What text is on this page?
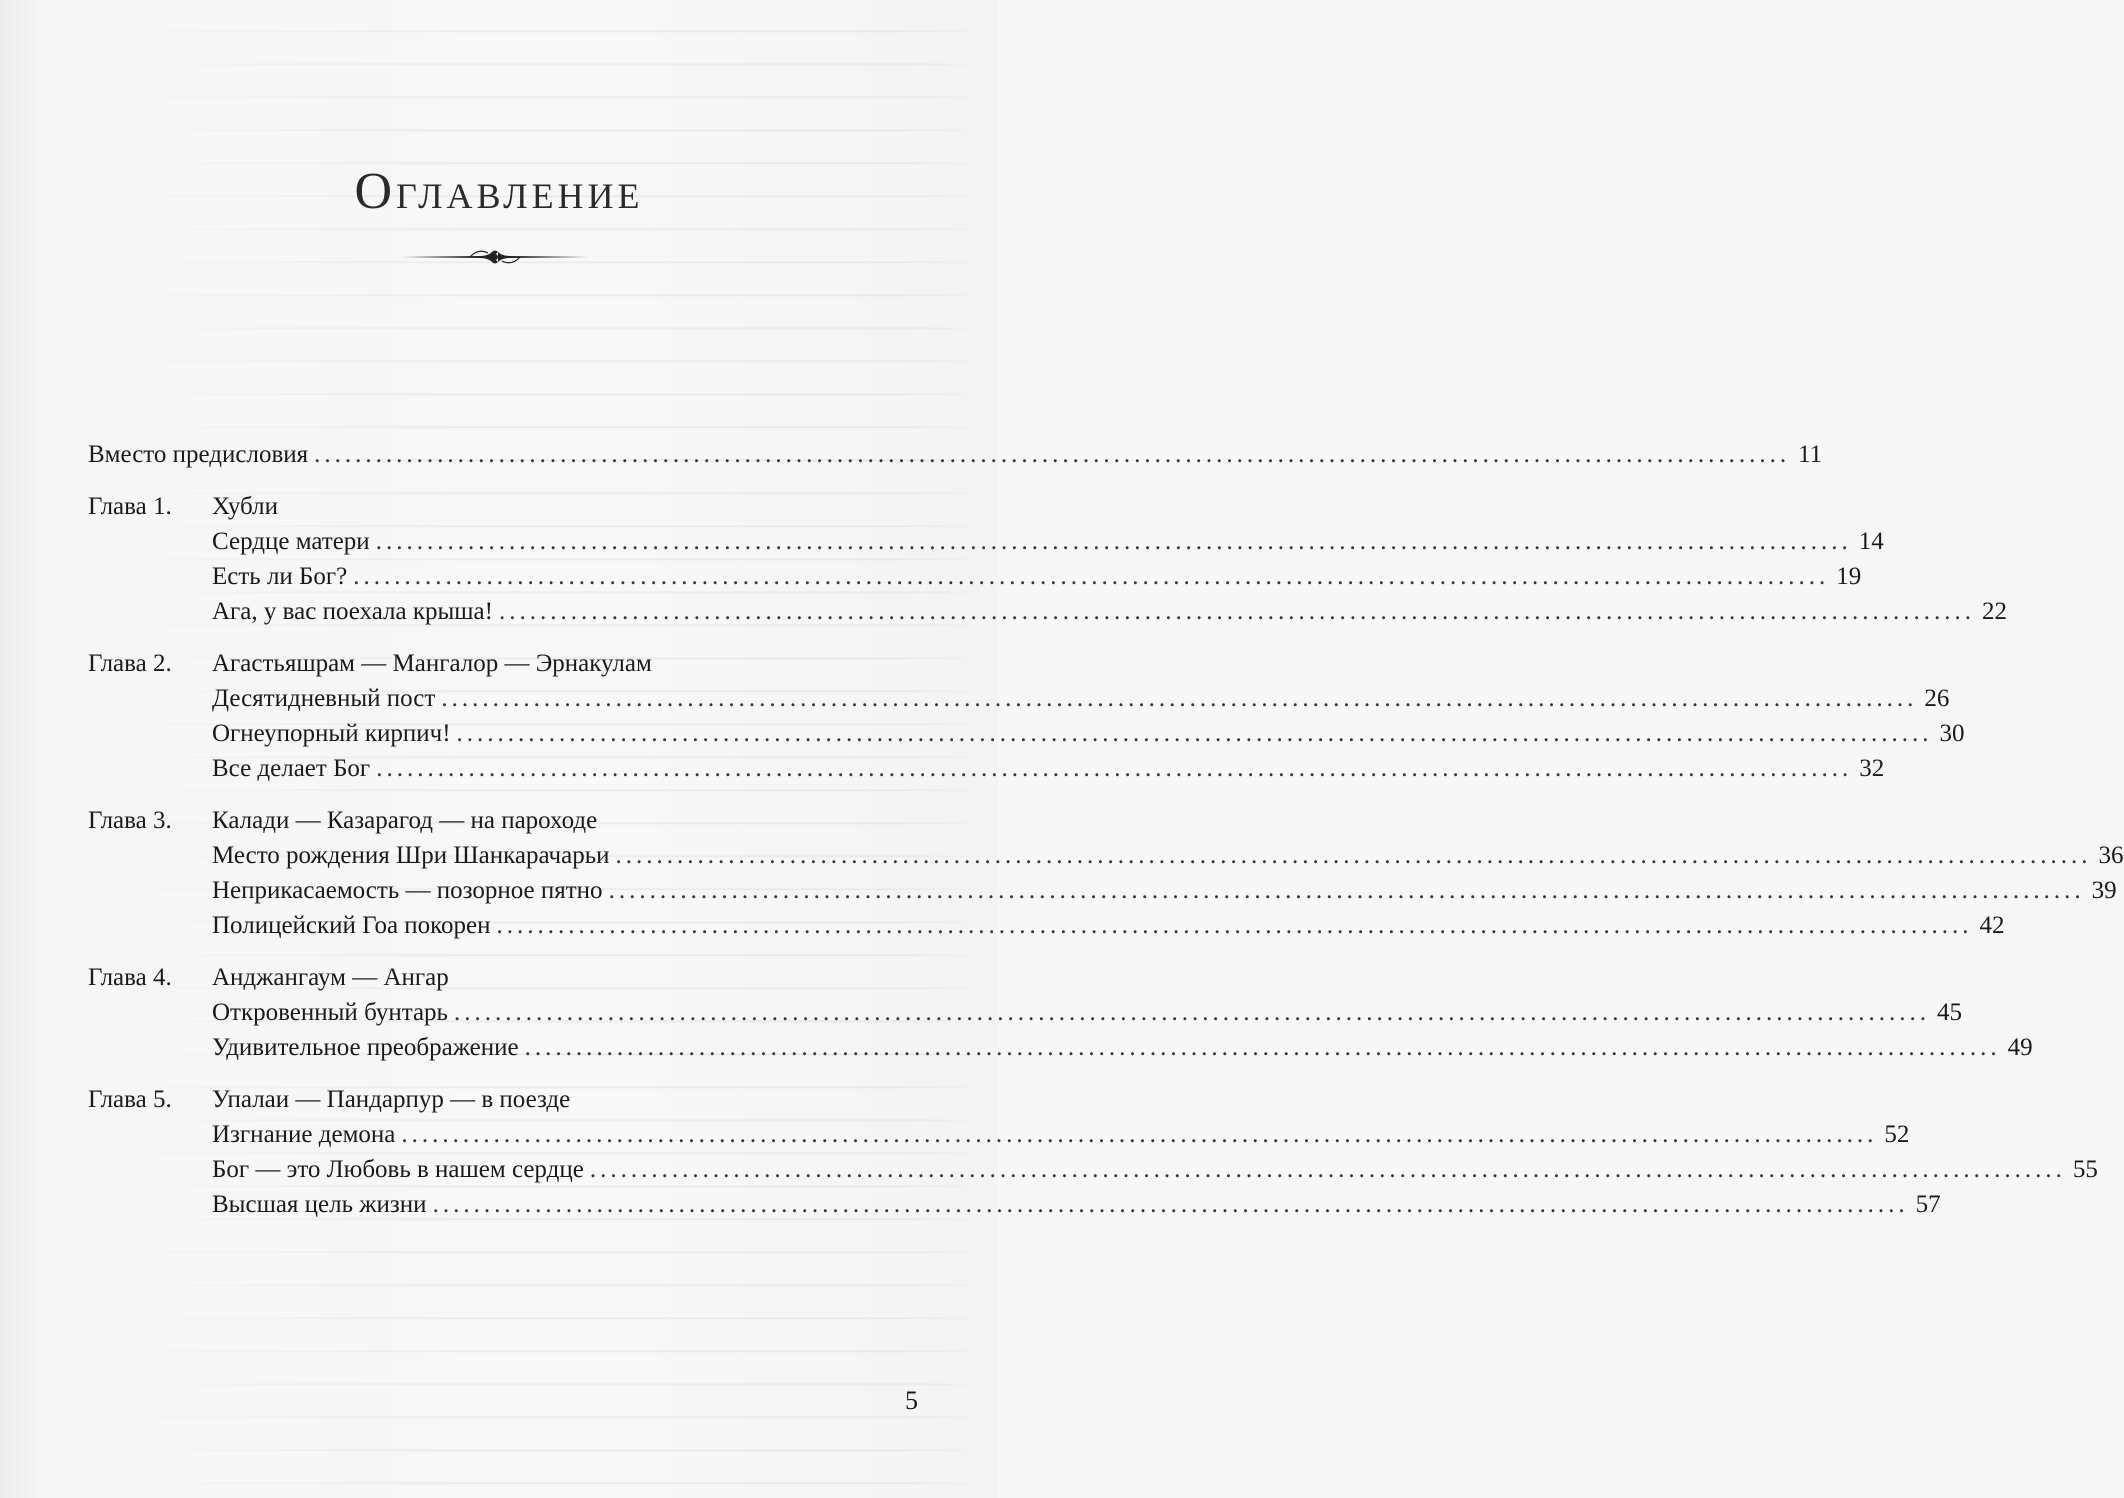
Оглавление
Вместо предисловия ................................................................................................................................................ 11
Глава 1.	Хубли
Сердце матери ................................................................................................................................................ 14
Есть ли Бог? ................................................................................................................................................ 19
Ага, у вас поехала крыша! ................................................................................................................................................ 22
Глава 2.	Агастьяшрам — Мангалор — Эрнакулам
Десятидневный пост ................................................................................................................................................ 26
Огнеупорный кирпич! ................................................................................................................................................ 30
Все делает Бог ................................................................................................................................................ 32
Глава 3.	Калади — Казарагод — на пароходе
Место рождения Шри Шанкарачарьи ................................................................................................................................................ 36
Неприкасаемость — позорное пятно ................................................................................................................................................ 39
Полицейский Гоа покорен ................................................................................................................................................ 42
Глава 4.	Анджангаум — Ангар
Откровенный бунтарь ................................................................................................................................................ 45
Удивительное преображение ................................................................................................................................................ 49
Глава 5.	Упалаи — Пандарпур — в поезде
Изгнание демона ................................................................................................................................................ 52
Бог — это Любовь в нашем сердце ................................................................................................................................................ 55
Высшая цель жизни ................................................................................................................................................ 57
5
